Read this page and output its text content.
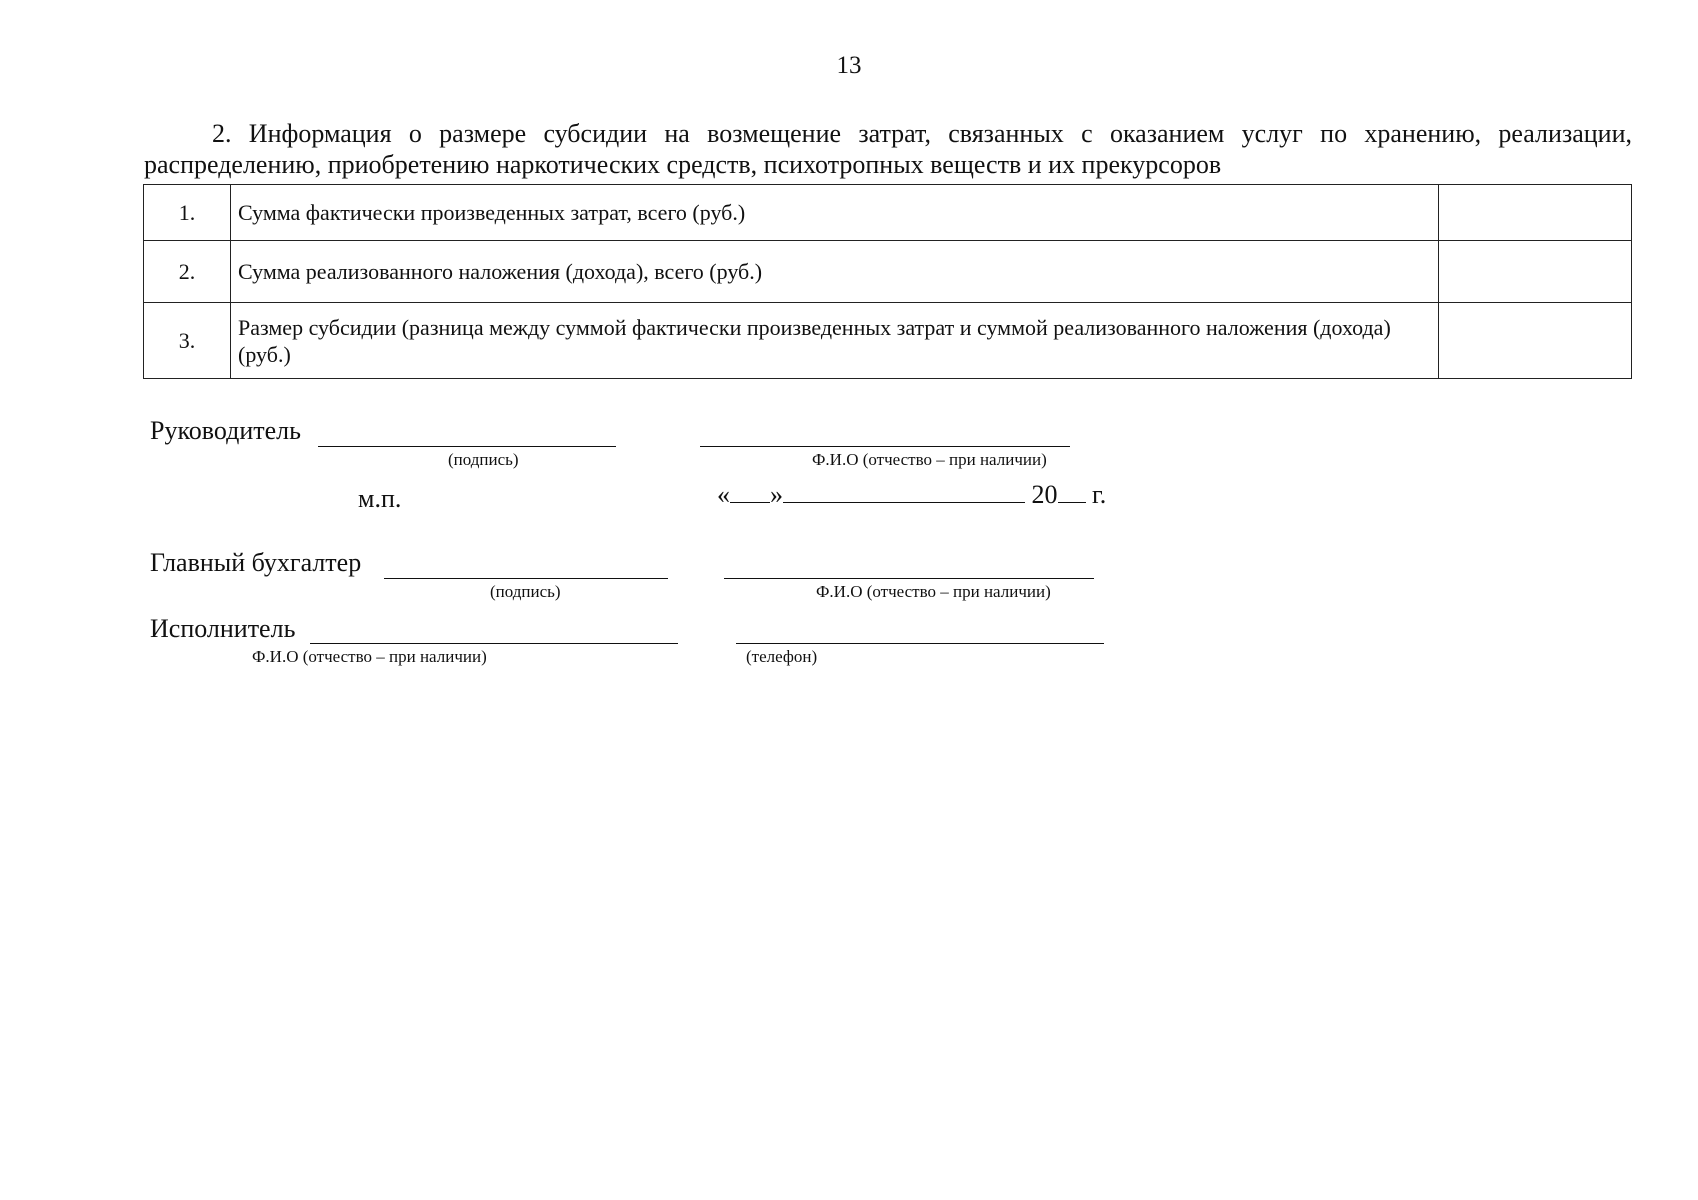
13
2. Информация о размере субсидии на возмещение затрат, связанных с оказанием услуг по хранению, реализации, распределению, приобретению наркотических средств, психотропных веществ и их прекурсоров
1.	Сумма фактически произведенных затрат, всего (руб.)	
2.	Сумма реализованного наложения (дохода), всего (руб.)	
3.	Размер субсидии (разница между суммой фактически произведенных затрат и суммой реализованного наложения (дохода) (руб.)	
Руководитель
(подпись)	Ф.И.О (отчество – при наличии)
м.п.	« »	20 г.
Главный бухгалтер
(подпись)	Ф.И.О (отчество – при наличии)
Исполнитель
Ф.И.О (отчество – при наличии)	(телефон)
